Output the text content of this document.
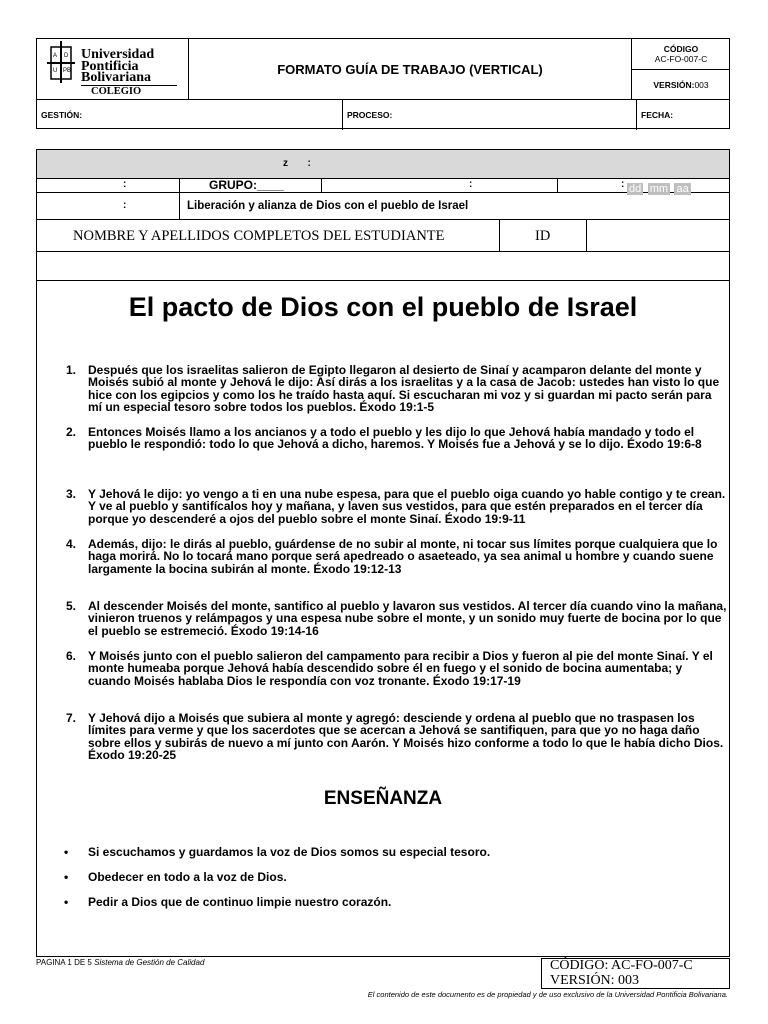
A D
U P B
Universidad
Pontificia
Bolivariana
COLEGIO
FORMATO GUÍA DE TRABAJO (VERTICAL)
CÓDIGO
AC-FO-007-C
VERSIÓN: 003
GESTIÓN:	PROCESO:	FECHA:
z       :
:	GRUPO:____	:	: dd mm aa
:	Liberación y alianza de Dios con el pueblo de Israel
NOMBRE Y APELLIDOS COMPLETOS DEL ESTUDIANTE	ID
El pacto de Dios con el pueblo de Israel
ENSEÑANZA
1. Después que los israelitas salieron de Egipto llegaron al desierto de Sinaí y acamparon delante del monte y Moisés subió al monte y Jehová le dijo: Así dirás a los israelitas y a la casa de Jacob: ustedes han visto lo que hice con los egipcios y como los he traído hasta aquí. Si escucharan mi voz y si guardan mi pacto serán para mí un especial tesoro sobre todos los pueblos. Éxodo 19:1-5
2. Entonces Moisés llamo a los ancianos y a todo el pueblo y les dijo lo que Jehová había mandado y todo el pueblo le respondió: todo lo que Jehová a dicho, haremos. Y Moisés fue a Jehová y se lo dijo. Éxodo 19:6-8
3. Y Jehová le dijo: yo vengo a ti en una nube espesa, para que el pueblo oiga cuando yo hable contigo y te crean. Y ve al pueblo y santifícalos hoy y mañana, y laven sus vestidos, para que estén preparados en el tercer día porque yo descenderé a ojos del pueblo sobre el monte Sinaí. Éxodo 19:9-11
4. Además, dijo: le dirás al pueblo, guárdense de no subir al monte, ni tocar sus límites porque cualquiera que lo haga morirá. No lo tocará mano porque será apedreado o asaeteado, ya sea animal u hombre y cuando suene largamente la bocina subirán al monte. Éxodo 19:12-13
5. Al descender Moisés del monte, santifico al pueblo y lavaron sus vestidos. Al tercer día cuando vino la mañana, vinieron truenos y relámpagos y una espesa nube sobre el monte, y un sonido muy fuerte de bocina por lo que el pueblo se estremeció. Éxodo 19:14-16
6. Y Moisés junto con el pueblo salieron del campamento para recibir a Dios y fueron al pie del monte Sinaí. Y el monte humeaba porque Jehová había descendido sobre él en fuego y el sonido de bocina aumentaba; y cuando Moisés hablaba Dios le respondía con voz tronante. Éxodo 19:17-19
7. Y Jehová dijo a Moisés que subiera al monte y agregó: desciende y ordena al pueblo que no traspasen los límites para verme y que los sacerdotes que se acercan a Jehová se santifiquen, para que yo no haga daño sobre ellos y subirás de nuevo a mí junto con Aarón. Y Moisés hizo conforme a todo lo que le había dicho Dios. Éxodo 19:20-25
• Si escuchamos y guardamos la voz de Dios somos su especial tesoro.
• Obedecer en todo a la voz de Dios.
• Pedir a Dios que de continuo limpie nuestro corazón.
PAGINA 1 DE 5 Sistema de Gestión de Calidad	CÓDIGO: AC-FO-007-C
VERSIÓN: 003
El contenido de este documento es de propiedad y de uso exclusivo de la Universidad Pontificia Bolivariana.
